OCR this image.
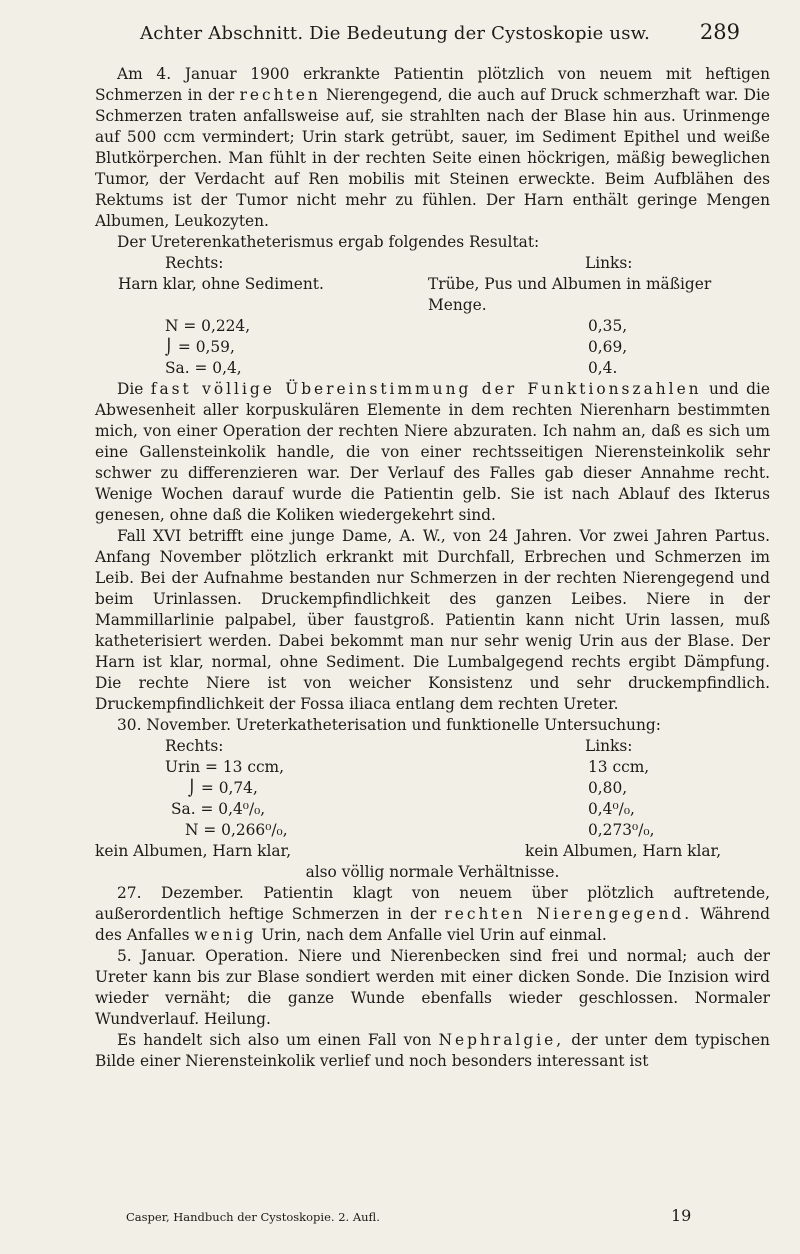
Achter Abschnitt. Die Bedeutung der Cystoskopie usw. 289

Am 4. Januar 1900 erkrankte Patientin plötzlich von neuem mit heftigen Schmerzen in der rechten Nierengegend, die auch auf Druck schmerzhaft war. Die Schmerzen traten anfallsweise auf, sie strahlten nach der Blase hin aus. Urinmenge auf 500 ccm vermindert; Urin stark getrübt, sauer, im Sediment Epithel und weiße Blutkörperchen. Man fühlt in der rechten Seite einen höckrigen, mäßig beweglichen Tumor, der Verdacht auf Ren mobilis mit Steinen erweckte. Beim Aufblähen des Rektums ist der Tumor nicht mehr zu fühlen. Der Harn enthält geringe Mengen Albumen, Leukozyten.

Der Ureterenkatheterismus ergab folgendes Resultat:

Rechts:	Links:
Harn klar, ohne Sediment.	Trübe, Pus und Albumen in mäßiger
Menge.
N = 0,224,	0,35,
⌡ = 0,59,	0,69,
Sa. = 0,4,	0,4.

Die fast völlige Übereinstimmung der Funktionszahlen und die Abwesenheit aller korpuskulären Elemente in dem rechten Nierenharn bestimmten mich, von einer Operation der rechten Niere abzuraten. Ich nahm an, daß es sich um eine Gallensteinkolik handle, die von einer rechtsseitigen Nierensteinkolik sehr schwer zu differenzieren war. Der Verlauf des Falles gab dieser Annahme recht. Wenige Wochen darauf wurde die Patientin gelb. Sie ist nach Ablauf des Ikterus genesen, ohne daß die Koliken wiedergekehrt sind.

Fall XVI betrifft eine junge Dame, A. W., von 24 Jahren. Vor zwei Jahren Partus. Anfang November plötzlich erkrankt mit Durchfall, Erbrechen und Schmerzen im Leib. Bei der Aufnahme bestanden nur Schmerzen in der rechten Nierengegend und beim Urinlassen. Druckempfindlichkeit des ganzen Leibes. Niere in der Mammillarlinie palpabel, über faustgroß. Patientin kann nicht Urin lassen, muß katheterisiert werden. Dabei bekommt man nur sehr wenig Urin aus der Blase. Der Harn ist klar, normal, ohne Sediment. Die Lumbalgegend rechts ergibt Dämpfung. Die rechte Niere ist von weicher Konsistenz und sehr druckempfindlich. Druckempfindlichkeit der Fossa iliaca entlang dem rechten Ureter.

30. November. Ureterkatheterisation und funktionelle Untersuchung:

Rechts:	Links:
Urin = 13 ccm,	13 ccm,
⌡ = 0,74,	0,80,
Sa. = 0,4⁰/₀,	0,4⁰/₀,
N = 0,266⁰/₀,	0,273⁰/₀,
kein Albumen, Harn klar,	kein Albumen, Harn klar,
also völlig normale Verhältnisse.

27. Dezember. Patientin klagt von neuem über plötzlich auftretende, außerordentlich heftige Schmerzen in der rechten Nierengegend. Während des Anfalles wenig Urin, nach dem Anfalle viel Urin auf einmal.

5. Januar. Operation. Niere und Nierenbecken sind frei und normal; auch der Ureter kann bis zur Blase sondiert werden mit einer dicken Sonde. Die Inzision wird wieder vernäht; die ganze Wunde ebenfalls wieder geschlossen. Normaler Wundverlauf. Heilung.

Es handelt sich also um einen Fall von Nephralgie, der unter dem typischen Bilde einer Nierensteinkolik verlief und noch besonders interessant ist

Casper, Handbuch der Cystoskopie. 2. Aufl.	19
